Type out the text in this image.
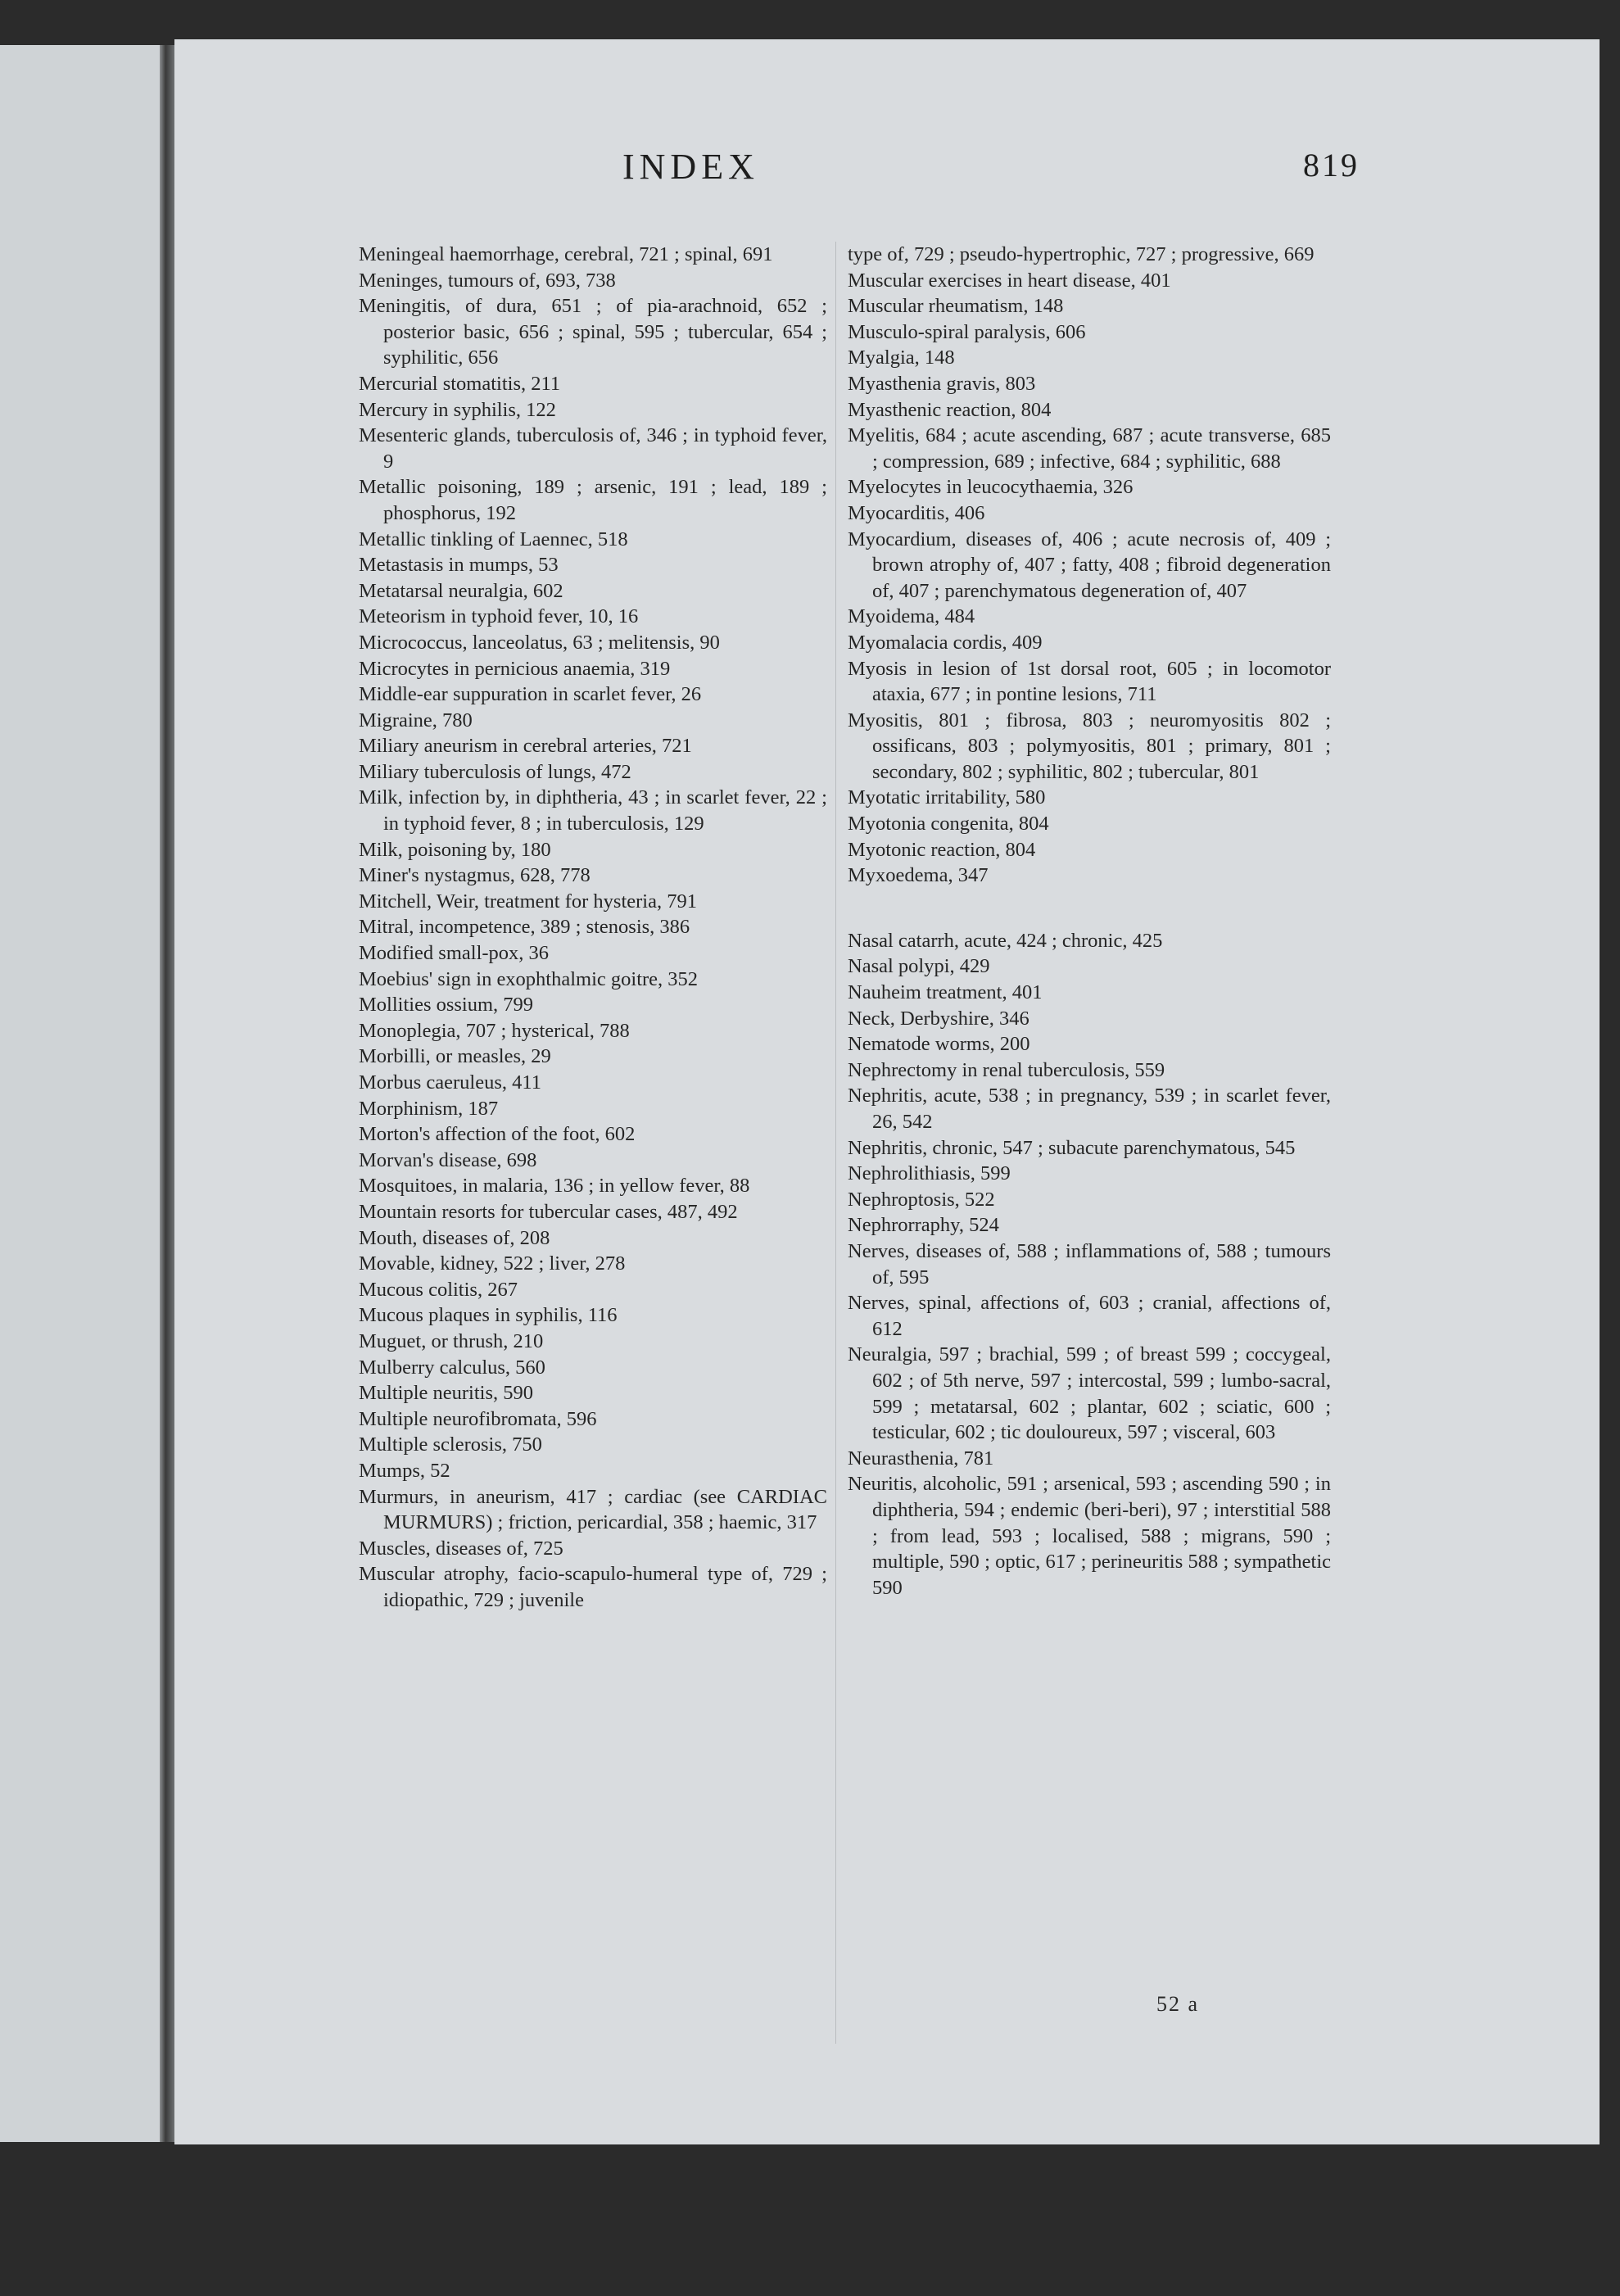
INDEX	819
Meningeal haemorrhage, cerebral, 721 ; spinal, 691
Meninges, tumours of, 693, 738
Meningitis, of dura, 651 ; of pia-arachnoid, 652 ; posterior basic, 656 ; spinal, 595 ; tubercular, 654 ; syphilitic, 656
Mercurial stomatitis, 211
Mercury in syphilis, 122
Mesenteric glands, tuberculosis of, 346 ; in typhoid fever, 9
Metallic poisoning, 189 ; arsenic, 191 ; lead, 189 ; phosphorus, 192
Metallic tinkling of Laennec, 518
Metastasis in mumps, 53
Metatarsal neuralgia, 602
Meteorism in typhoid fever, 10, 16
Micrococcus, lanceolatus, 63 ; melitensis, 90
Microcytes in pernicious anaemia, 319
Middle-ear suppuration in scarlet fever, 26
Migraine, 780
Miliary aneurism in cerebral arteries, 721
Miliary tuberculosis of lungs, 472
Milk, infection by, in diphtheria, 43 ; in scarlet fever, 22 ; in typhoid fever, 8 ; in tuberculosis, 129
Milk, poisoning by, 180
Miner's nystagmus, 628, 778
Mitchell, Weir, treatment for hysteria, 791
Mitral, incompetence, 389 ; stenosis, 386
Modified small-pox, 36
Moebius' sign in exophthalmic goitre, 352
Mollities ossium, 799
Monoplegia, 707 ; hysterical, 788
Morbilli, or measles, 29
Morbus caeruleus, 411
Morphinism, 187
Morton's affection of the foot, 602
Morvan's disease, 698
Mosquitoes, in malaria, 136 ; in yellow fever, 88
Mountain resorts for tubercular cases, 487, 492
Mouth, diseases of, 208
Movable, kidney, 522 ; liver, 278
Mucous colitis, 267
Mucous plaques in syphilis, 116
Muguet, or thrush, 210
Mulberry calculus, 560
Multiple neuritis, 590
Multiple neurofibromata, 596
Multiple sclerosis, 750
Mumps, 52
Murmurs, in aneurism, 417 ; cardiac (see CARDIAC MURMURS) ; friction, pericardial, 358 ; haemic, 317
Muscles, diseases of, 725
Muscular atrophy, facio-scapulo-humeral type of, 729 ; idiopathic, 729 ; juvenile
type of, 729 ; pseudo-hypertrophic, 727 ; progressive, 669
Muscular exercises in heart disease, 401
Muscular rheumatism, 148
Musculo-spiral paralysis, 606
Myalgia, 148
Myasthenia gravis, 803
Myasthenic reaction, 804
Myelitis, 684 ; acute ascending, 687 ; acute transverse, 685 ; compression, 689 ; infective, 684 ; syphilitic, 688
Myelocytes in leucocythaemia, 326
Myocarditis, 406
Myocardium, diseases of, 406 ; acute necrosis of, 409 ; brown atrophy of, 407 ; fatty, 408 ; fibroid degeneration of, 407 ; parenchymatous degeneration of, 407
Myoidema, 484
Myomalacia cordis, 409
Myosis in lesion of 1st dorsal root, 605 ; in locomotor ataxia, 677 ; in pontine lesions, 711
Myositis, 801 ; fibrosa, 803 ; neuromyositis 802 ; ossificans, 803 ; polymyositis, 801 ; primary, 801 ; secondary, 802 ; syphilitic, 802 ; tubercular, 801
Myotatic irritability, 580
Myotonia congenita, 804
Myotonic reaction, 804
Myxoedema, 347
Nasal catarrh, acute, 424 ; chronic, 425
Nasal polypi, 429
Nauheim treatment, 401
Neck, Derbyshire, 346
Nematode worms, 200
Nephrectomy in renal tuberculosis, 559
Nephritis, acute, 538 ; in pregnancy, 539 ; in scarlet fever, 26, 542
Nephritis, chronic, 547 ; subacute parenchymatous, 545
Nephrolithiasis, 599
Nephroptosis, 522
Nephrorraphy, 524
Nerves, diseases of, 588 ; inflammations of, 588 ; tumours of, 595
Nerves, spinal, affections of, 603 ; cranial, affections of, 612
Neuralgia, 597 ; brachial, 599 ; of breast 599 ; coccygeal, 602 ; of 5th nerve, 597 ; intercostal, 599 ; lumbo-sacral, 599 ; metatarsal, 602 ; plantar, 602 ; sciatic, 600 ; testicular, 602 ; tic douloureux, 597 ; visceral, 603
Neurasthenia, 781
Neuritis, alcoholic, 591 ; arsenical, 593 ; ascending 590 ; in diphtheria, 594 ; endemic (beri-beri), 97 ; interstitial 588 ; from lead, 593 ; localised, 588 ; migrans, 590 ; multiple, 590 ; optic, 617 ; perineuritis 588 ; sympathetic 590
52 a
